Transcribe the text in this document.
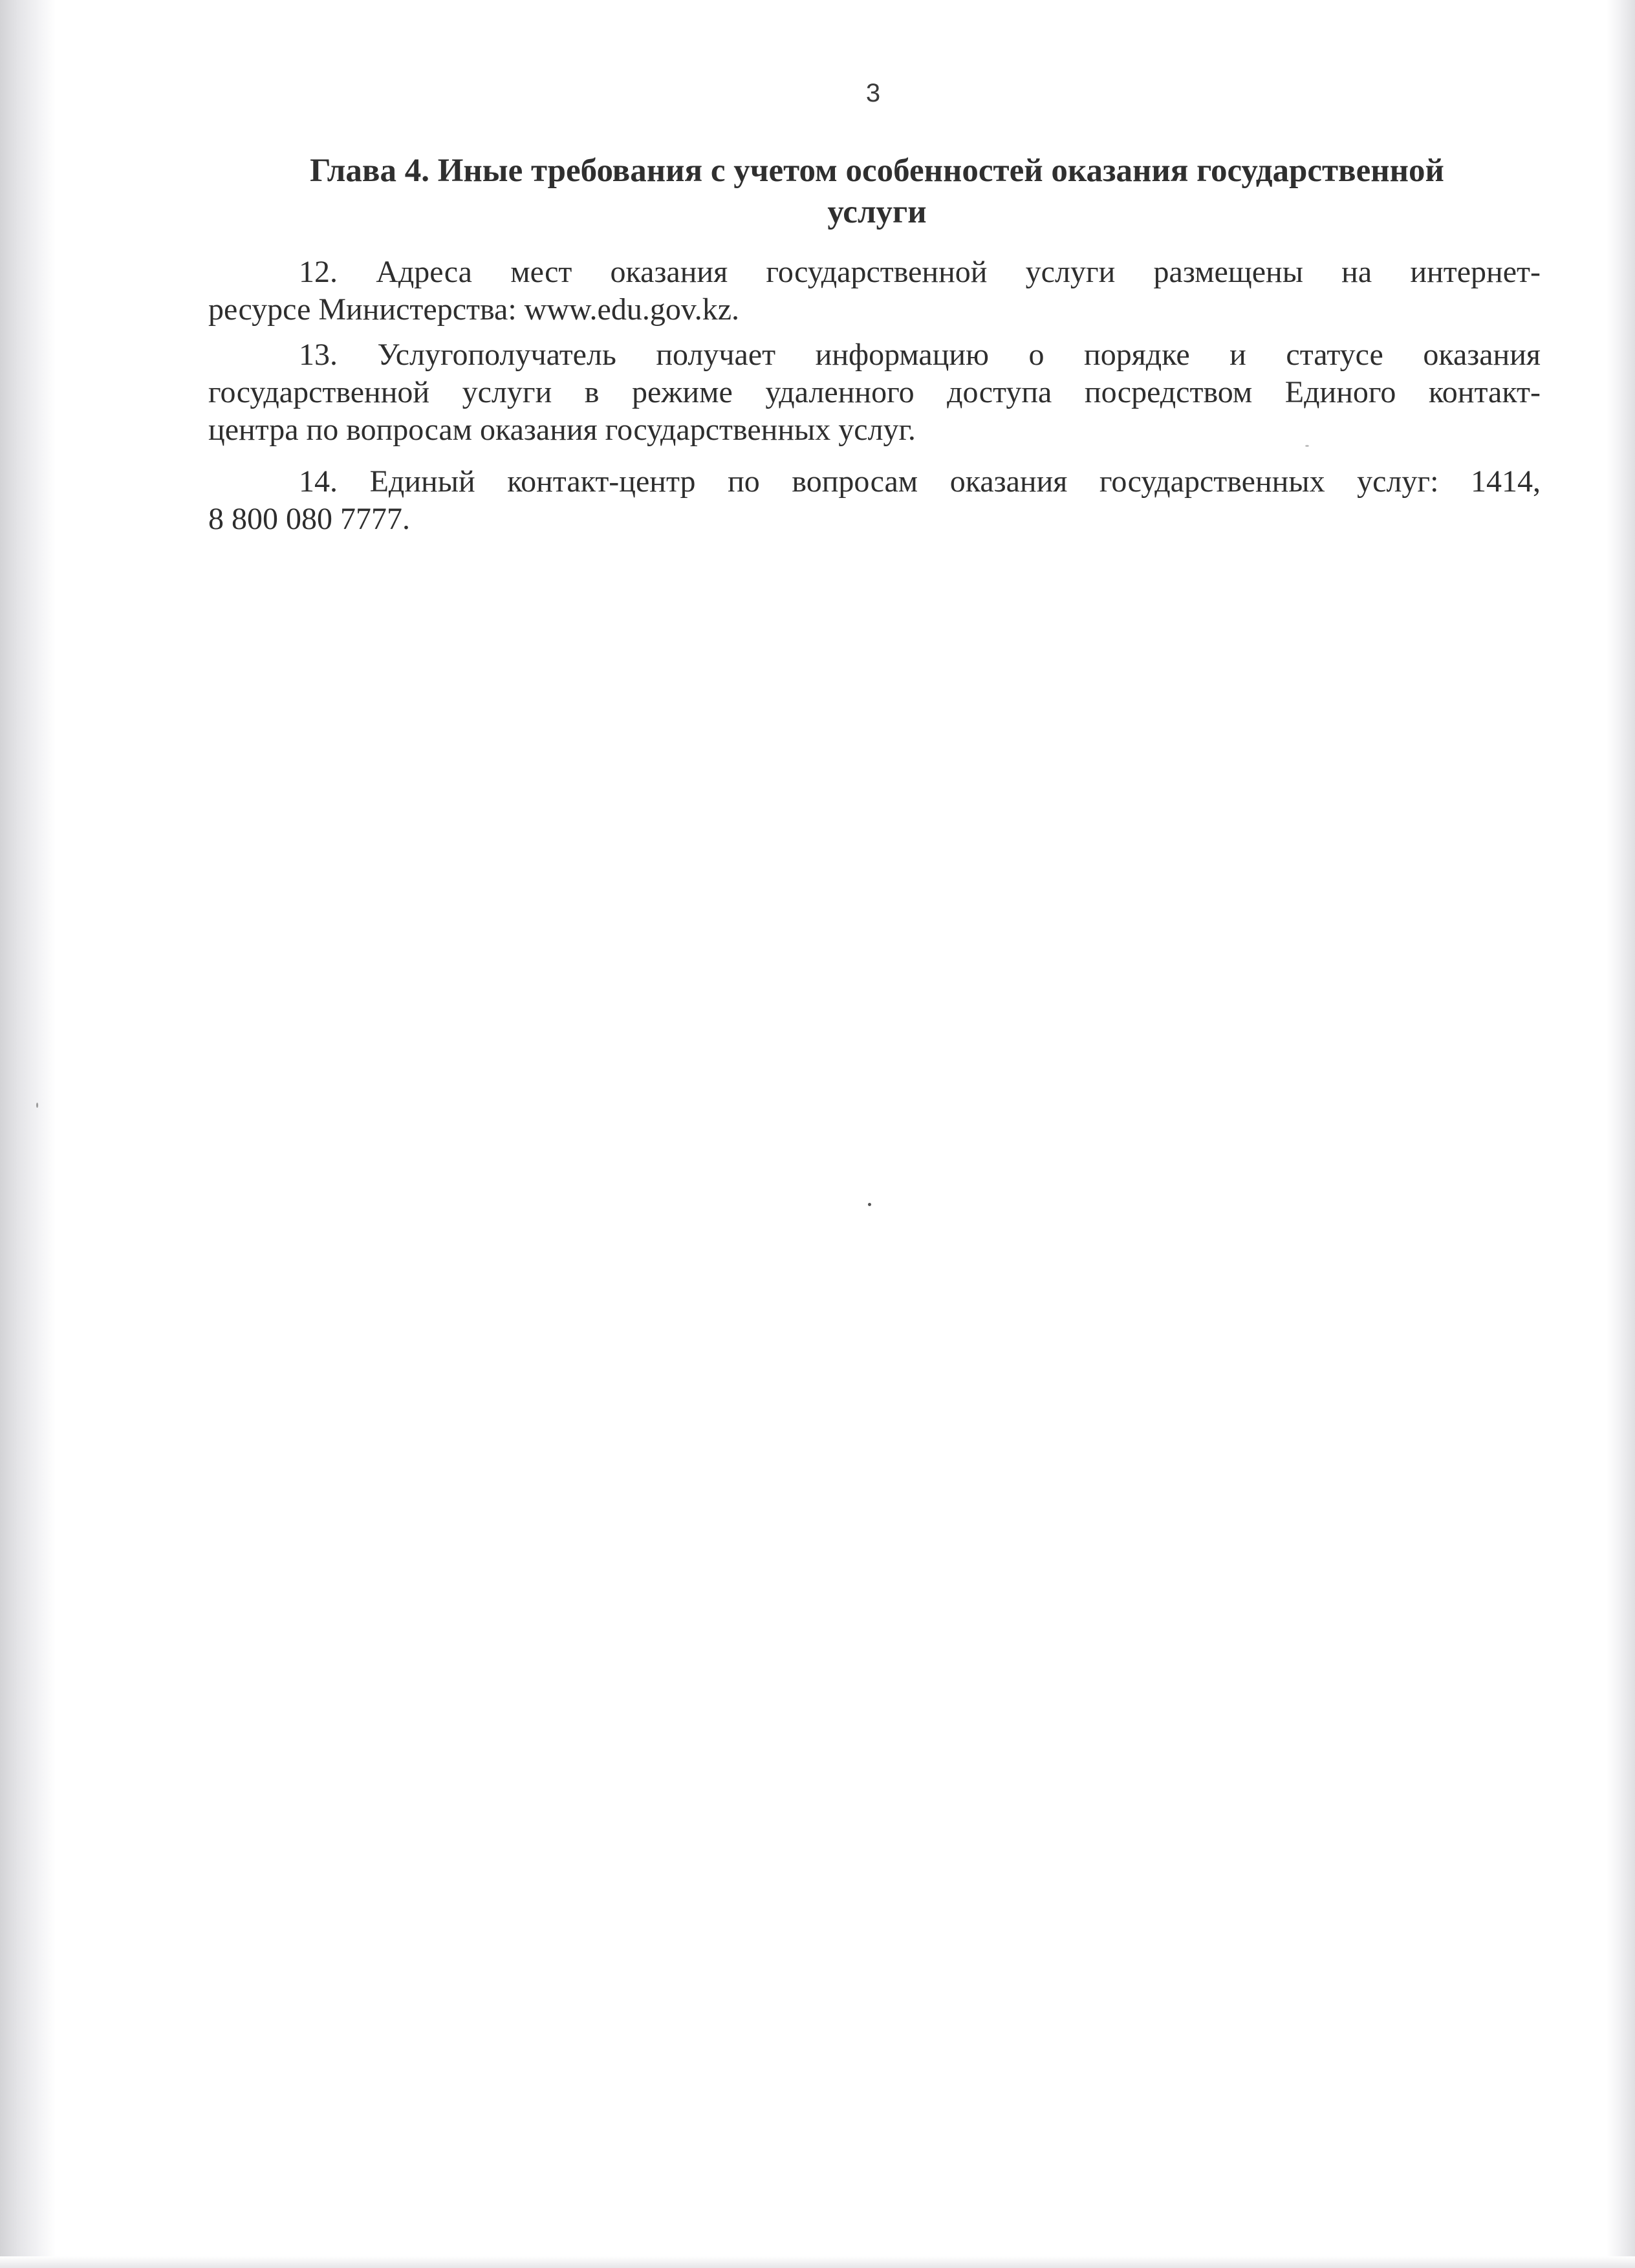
3
Глава 4. Иные требования с учетом особенностей оказания государственной
услуги
12. Адреса мест оказания государственной услуги размещены на интернет-
ресурсе Министерства: www.edu.gov.kz.
13. Услугополучатель получает информацию о порядке и статусе оказания
государственной услуги в режиме удаленного доступа посредством Единого контакт-
центра по вопросам оказания государственных услуг.
14. Единый контакт-центр по вопросам оказания государственных услуг: 1414,
8 800 080 7777.
